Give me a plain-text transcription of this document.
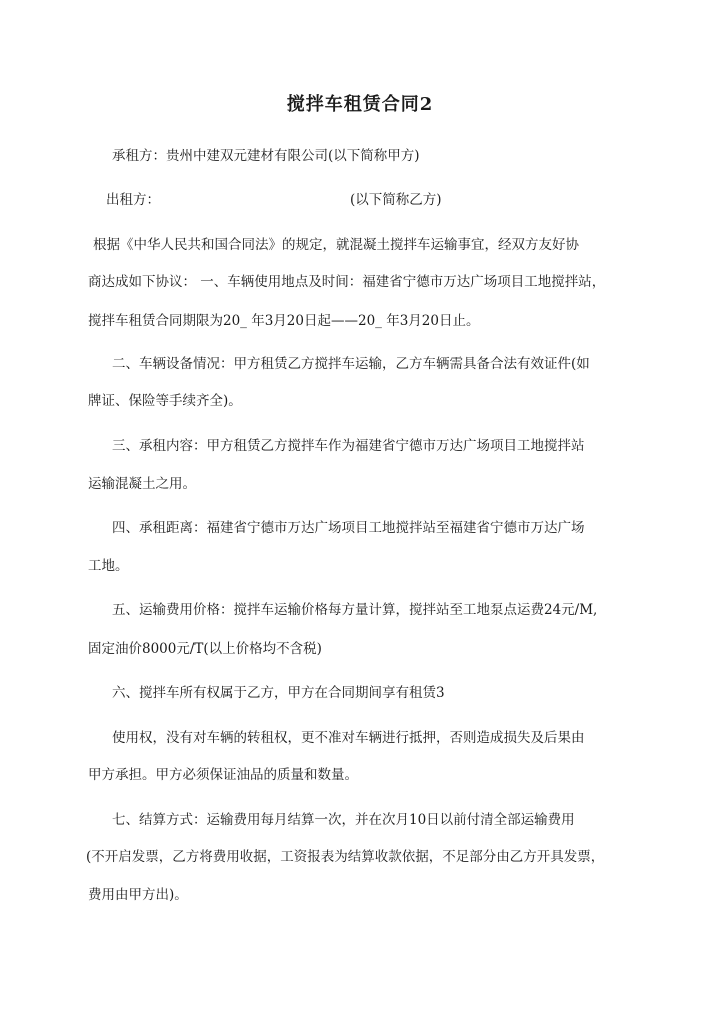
搅拌车租赁合同2
承租方：贵州中建双元建材有限公司(以下简称甲方)
出租方：	(以下简称乙方)
根据《中华人民共和国合同法》的规定，就混凝土搅拌车运输事宜，经双方友好协
商达成如下协议： 一、车辆使用地点及时间：福建省宁德市万达广场项目工地搅拌站，
搅拌车租赁合同期限为20_ 年3月20日起——20_ 年3月20日止。
二、车辆设备情况：甲方租赁乙方搅拌车运输，乙方车辆需具备合法有效证件(如
牌证、保险等手续齐全)。
三、承租内容：甲方租赁乙方搅拌车作为福建省宁德市万达广场项目工地搅拌站
运输混凝土之用。
四、承租距离：福建省宁德市万达广场项目工地搅拌站至福建省宁德市万达广场
工地。
五、运输费用价格：搅拌车运输价格每方量计算，搅拌站至工地泵点运费24元/M,
固定油价8000元/T(以上价格均不含税)
六、搅拌车所有权属于乙方，甲方在合同期间享有租赁3
使用权，没有对车辆的转租权，更不准对车辆进行抵押，否则造成损失及后果由
甲方承担。甲方必须保证油品的质量和数量。
七、结算方式：运输费用每月结算一次，并在次月10日以前付清全部运输费用
(不开启发票，乙方将费用收据，工资报表为结算收款依据，不足部分由乙方开具发票，
费用由甲方出)。
